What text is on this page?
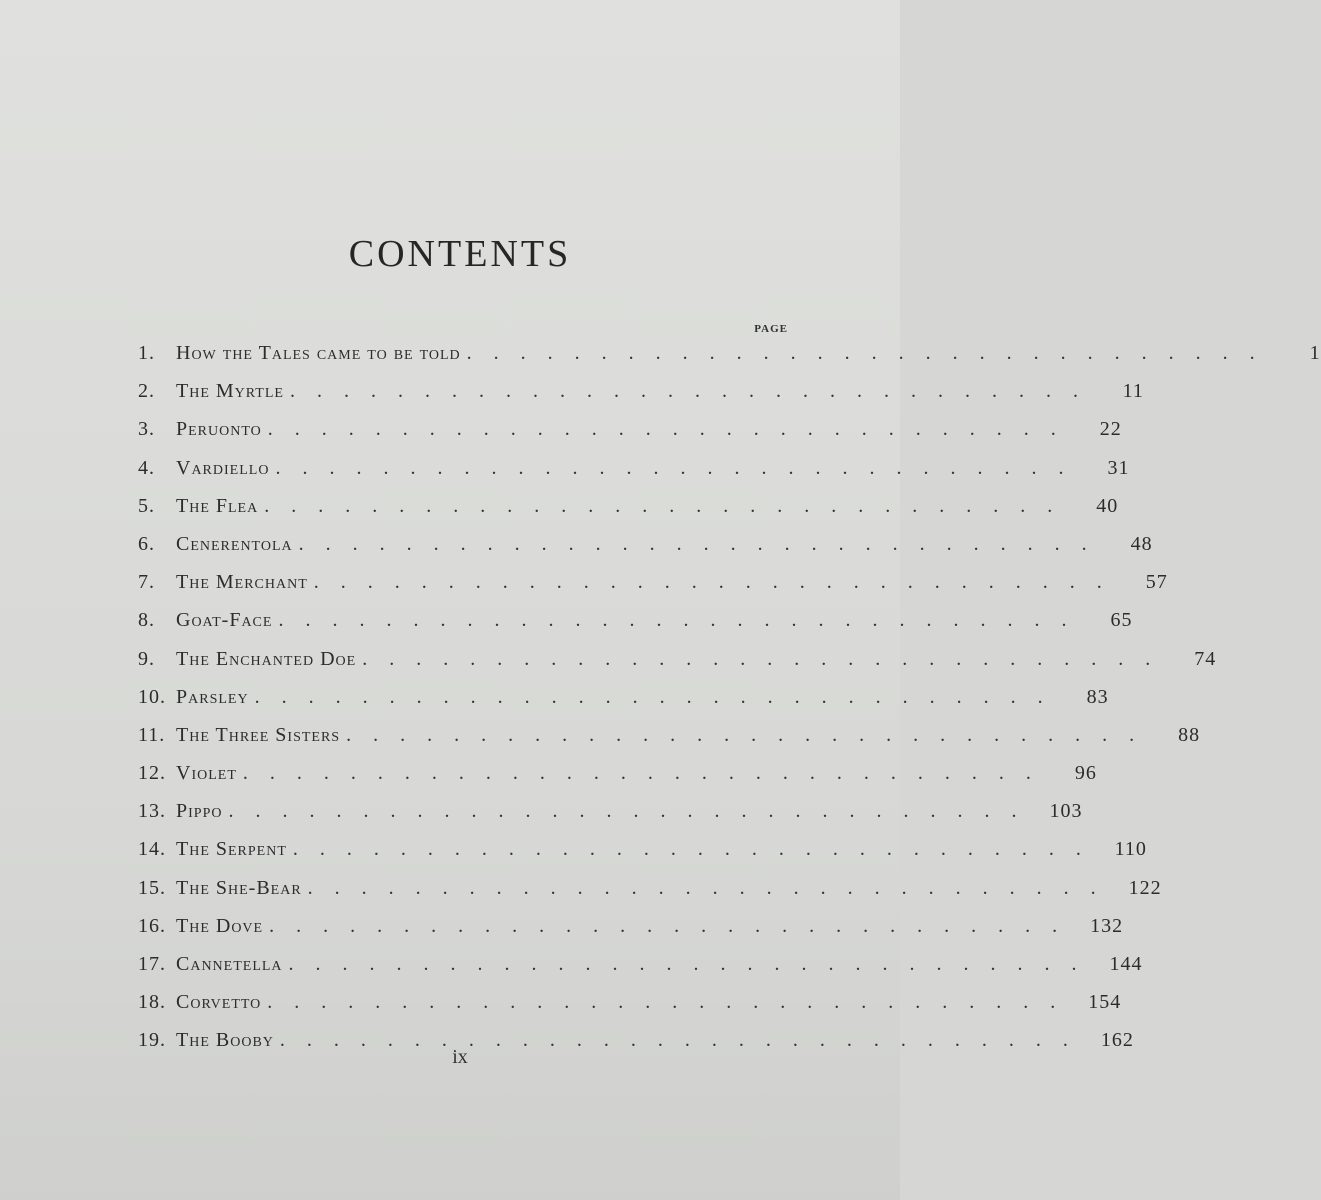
CONTENTS
PAGE
1.	How the Tales came to be told ..............................	1
2.	The Myrtle ..............................	11
3.	Peruonto ..............................	22
4.	Vardiello ..............................	31
5.	The Flea ..............................	40
6.	Cenerentola ..............................	48
7.	The Merchant ..............................	57
8.	Goat-Face ..............................	65
9.	The Enchanted Doe ..............................	74
10. Parsley ..............................	83
11. The Three Sisters ..............................	88
12. Violet ..............................	96
13. Pippo .............................. 103
14. The Serpent .............................. 110
15. The She-Bear .............................. 122
16. The Dove .............................. 132
17. Cannetella .............................. 144
18. Corvetto .............................. 154
19. The Booby .............................. 162
ix
